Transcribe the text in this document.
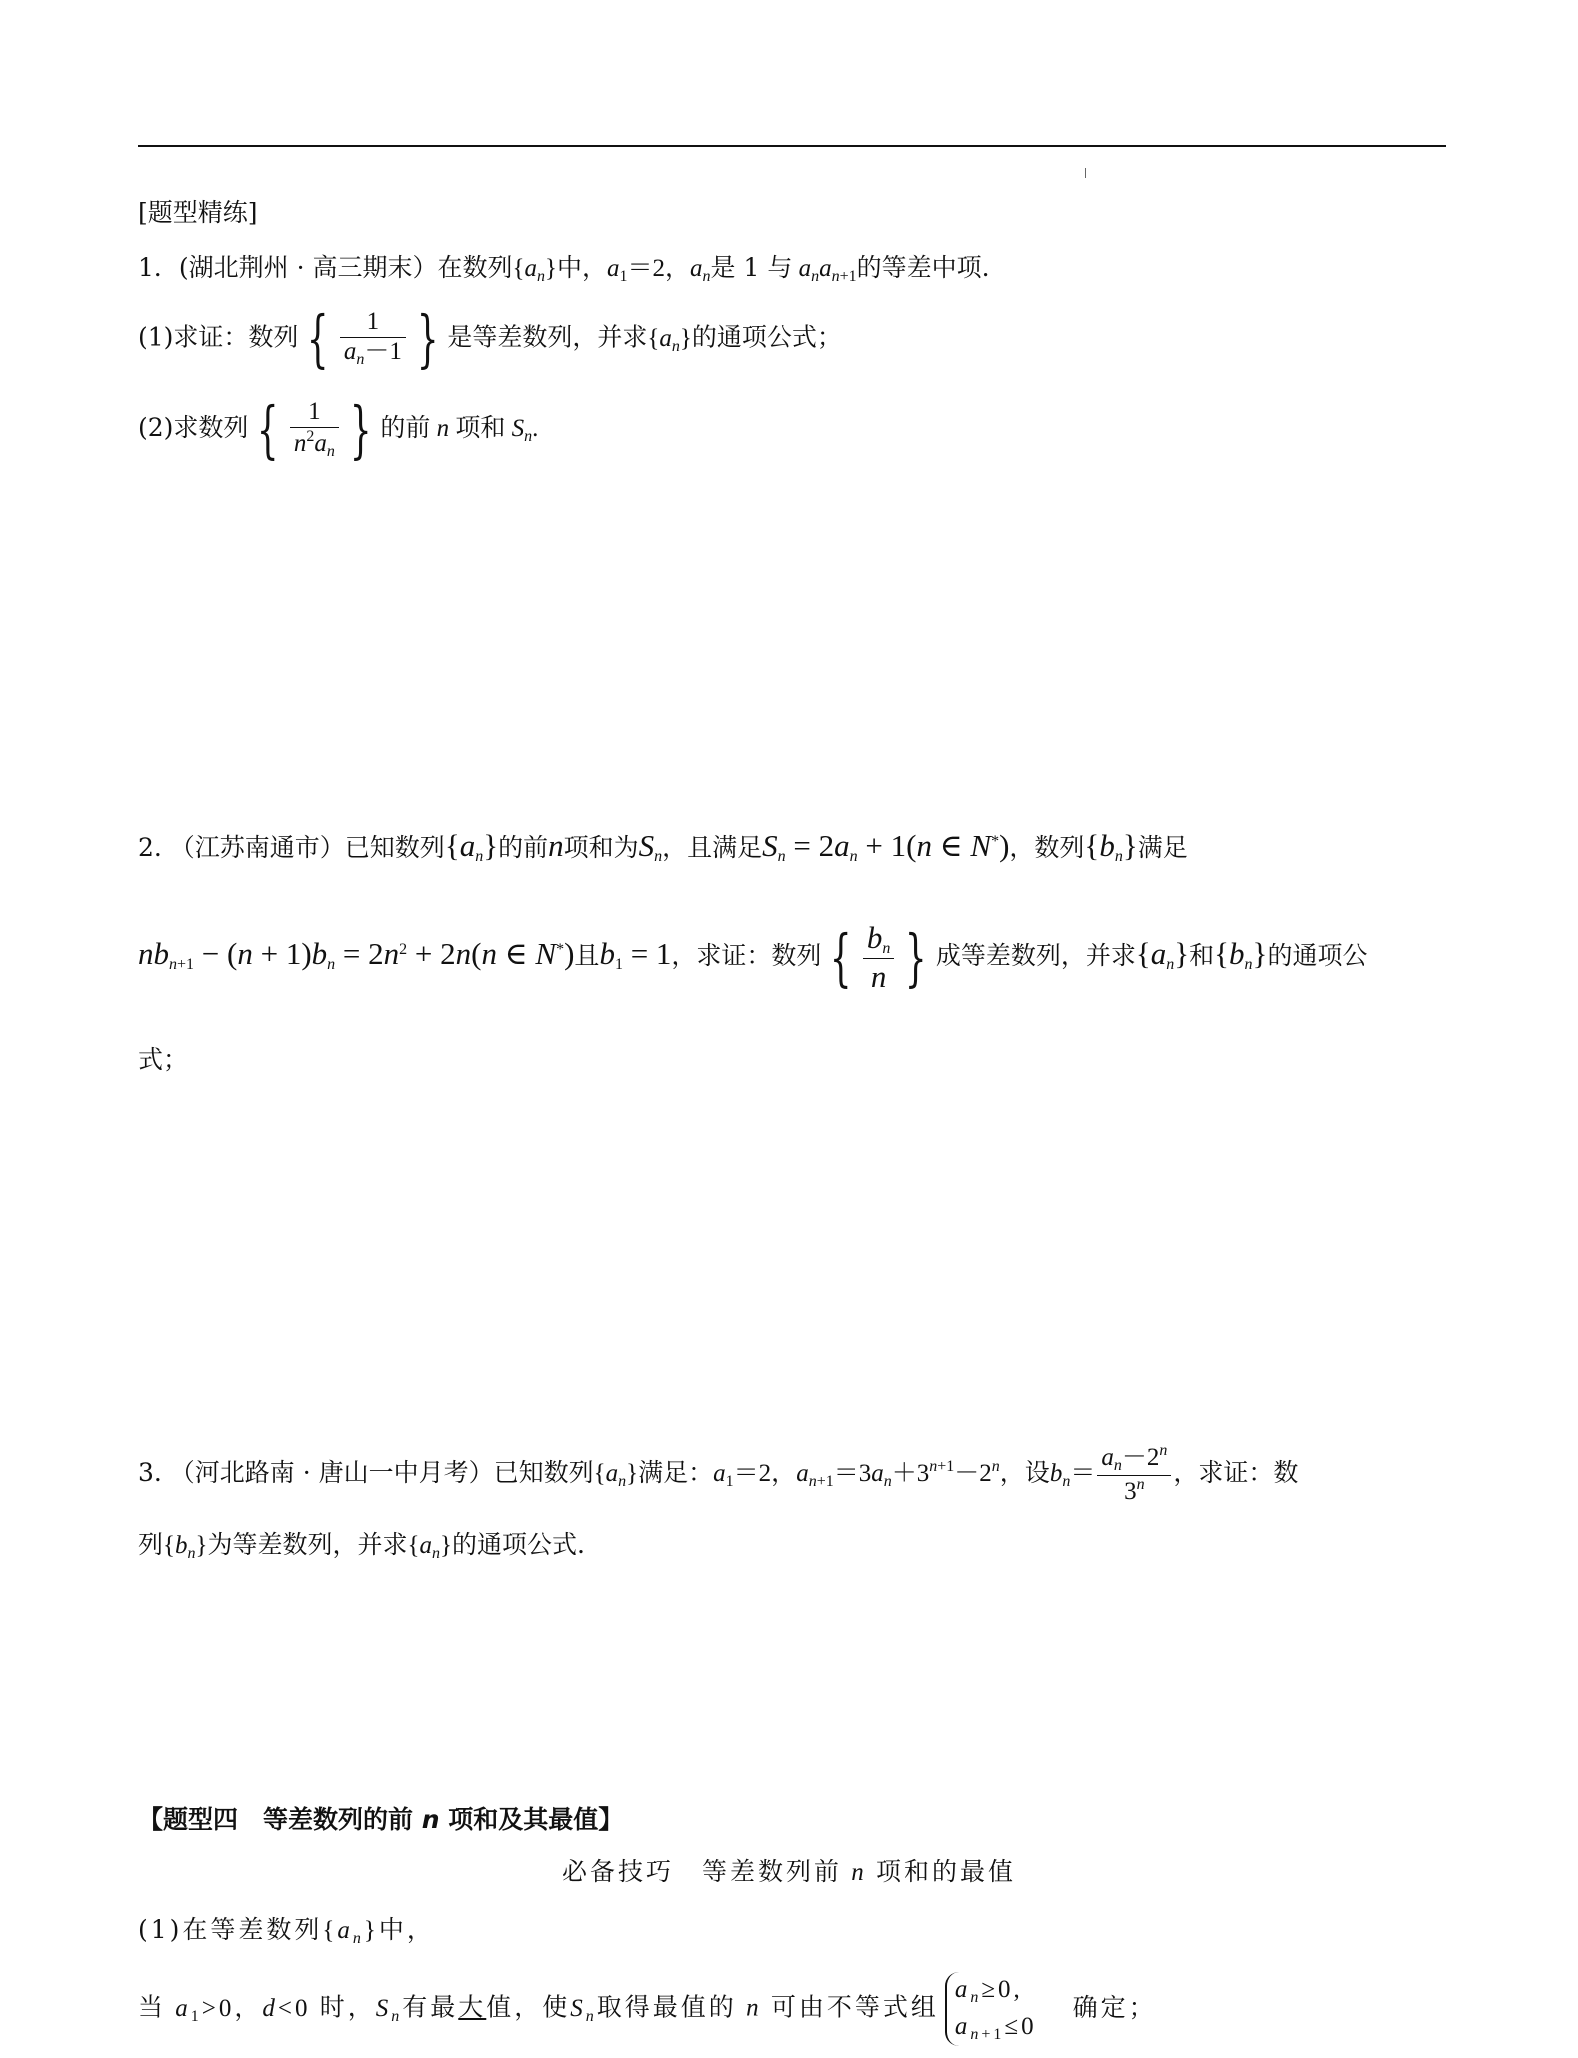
[题型精练]
1．(湖北荆州 · 高三期末）在数列$\{a_n\}$中，$a_1=2$，$a_n$是 1 与 $a_na_{n+1}$的等差中项.
(1)求证：数列 { $\frac{1}{a_n-1}$ } 是等差数列，并求$\{a_n\}$的通项公式；
(2)求数列 { $\frac{1}{n^2a_n}$ } 的前 n 项和 $S_n$.
2. （江苏南通市）已知数列$\{a_n\}$的前n项和为$S_n$，且满足$S_n = 2a_n + 1(n$ ∈ N*)，数列$\{b_n\}$满足
$nb_{n+1} - (n + 1)b_n = 2n^2 + 2n(n$ ∈ N*)且$b_1 = 1$，求证：数列 { $\frac{b_n}{n}$ } 成等差数列，并求$\{a_n\}$和$\{b_n\}$的通项公
式；
3. （河北路南 · 唐山一中月考）已知数列$\{a_n\}$满足：$a_1=2$，$a_{n+1}=3a_n+3^{n+1}-2^n$，设$b_n= \frac{a_n-2^n}{3^n}$ ，求证：数
列$\{b_n\}$为等差数列，并求$\{a_n\}$的通项公式.
【题型四　等差数列的前 n 项和及其最值】
必备技巧　等差数列前 n 项和的最值
(1)在等差数列$\{a_n\}$中，
当 $a_1>0$，d<0 时，$S_n$有最大值，使$S_n$取得最值的 n 可由不等式组
$a_n\ge 0$,
$a_{n+1}\le 0$
确定；
